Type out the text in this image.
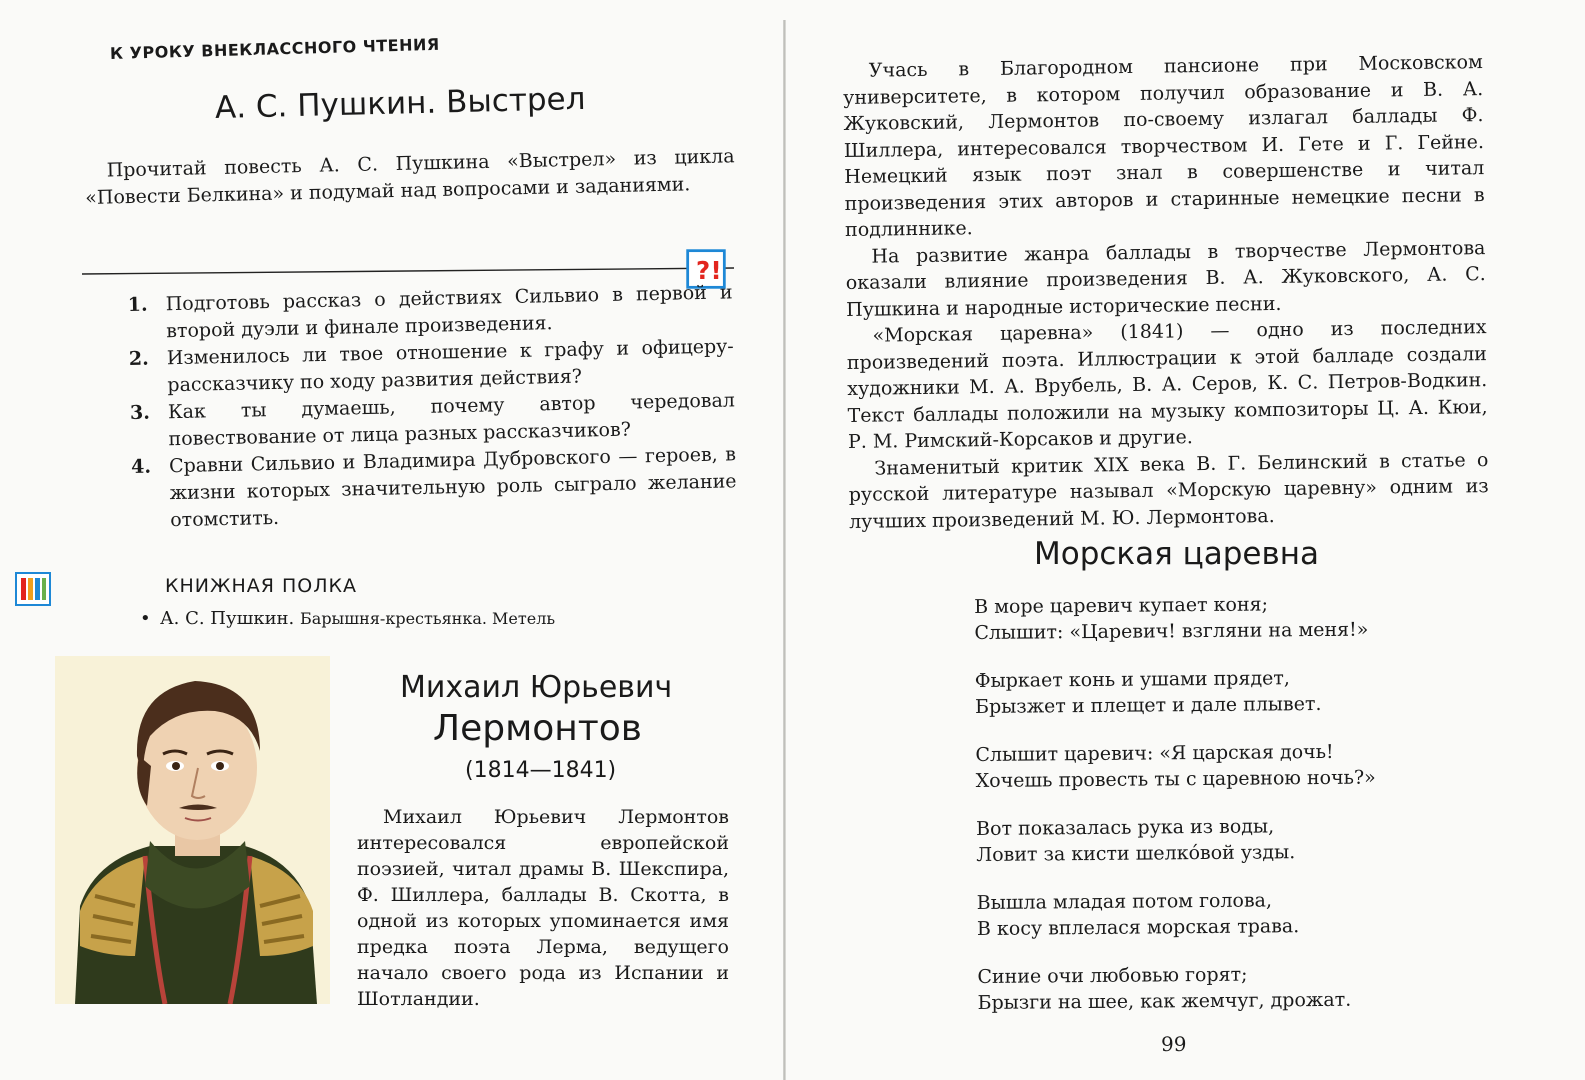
К УРОКУ ВНЕКЛАССНОГО ЧТЕНИЯ
А. С. Пушкин. Выстрел
Прочитай повесть А. С. Пушкина «Выстрел» из цикла «Повести Белкина» и подумай над вопросами и заданиями.
? !
1. Подготовь рассказ о действиях Сильвио в первой и второй дуэли и финале произведения.
2. Изменилось ли твое отношение к графу и офицеру-рассказчику по ходу развития действия?
3. Как ты думаешь, почему автор чередовал повествование от лица разных рассказчиков?
4. Сравни Сильвио и Владимира Дубровского — героев, в жизни которых значительную роль сыграло желание отомстить.
КНИЖНАЯ ПОЛКА
• А. С. Пушкин. Барышня-крестьянка. Метель
Михаил Юрьевич
Лермонтов
(1814—1841)

Михаил Юрьевич Лермонтов интересовался европейской поэзией, читал драмы В. Шекспира, Ф. Шиллера, баллады В. Скотта, в одной из которых упоминается имя предка поэта Лерма, ведущего начало своего рода из Испании и Шотландии.

Учась в Благородном пансионе при Московском университете, в котором получил образование и В. А. Жуковский, Лермонтов по-своему излагал баллады Ф. Шиллера, интересовался творчеством И. Гете и Г. Гейне. Немецкий язык поэт знал в совершенстве и читал произведения этих авторов и старинные немецкие песни в подлиннике.

На развитие жанра баллады в творчестве Лермонтова оказали влияние произведения В. А. Жуковского, А. С. Пушкина и народные исторические песни.

«Морская царевна» (1841) — одно из последних произведений поэта. Иллюстрации к этой балладе создали художники М. А. Врубель, В. А. Серов, К. С. Петров-Водкин. Текст баллады положили на музыку композиторы Ц. А. Кюи, Р. М. Римский-Корсаков и другие.

Знаменитый критик XIX века В. Г. Белинский в статье о русской литературе называл «Морскую царевну» одним из лучших произведений М. Ю. Лермонтова.

Морская царевна
В море царевич купает коня;
Слышит: «Царевич! взгляни на меня!»
Фыркает конь и ушами прядет,
Брызжет и плещет и дале плывет.
Слышит царевич: «Я царская дочь!
Хочешь провесть ты с царевною ночь?»
Вот показалась рука из воды,
Ловит за кисти шелко́вой узды.
Вышла младая потом голова,
В косу вплелася морская трава.
Синие очи любовью горят;
Брызги на шее, как жемчуг, дрожат.
99
